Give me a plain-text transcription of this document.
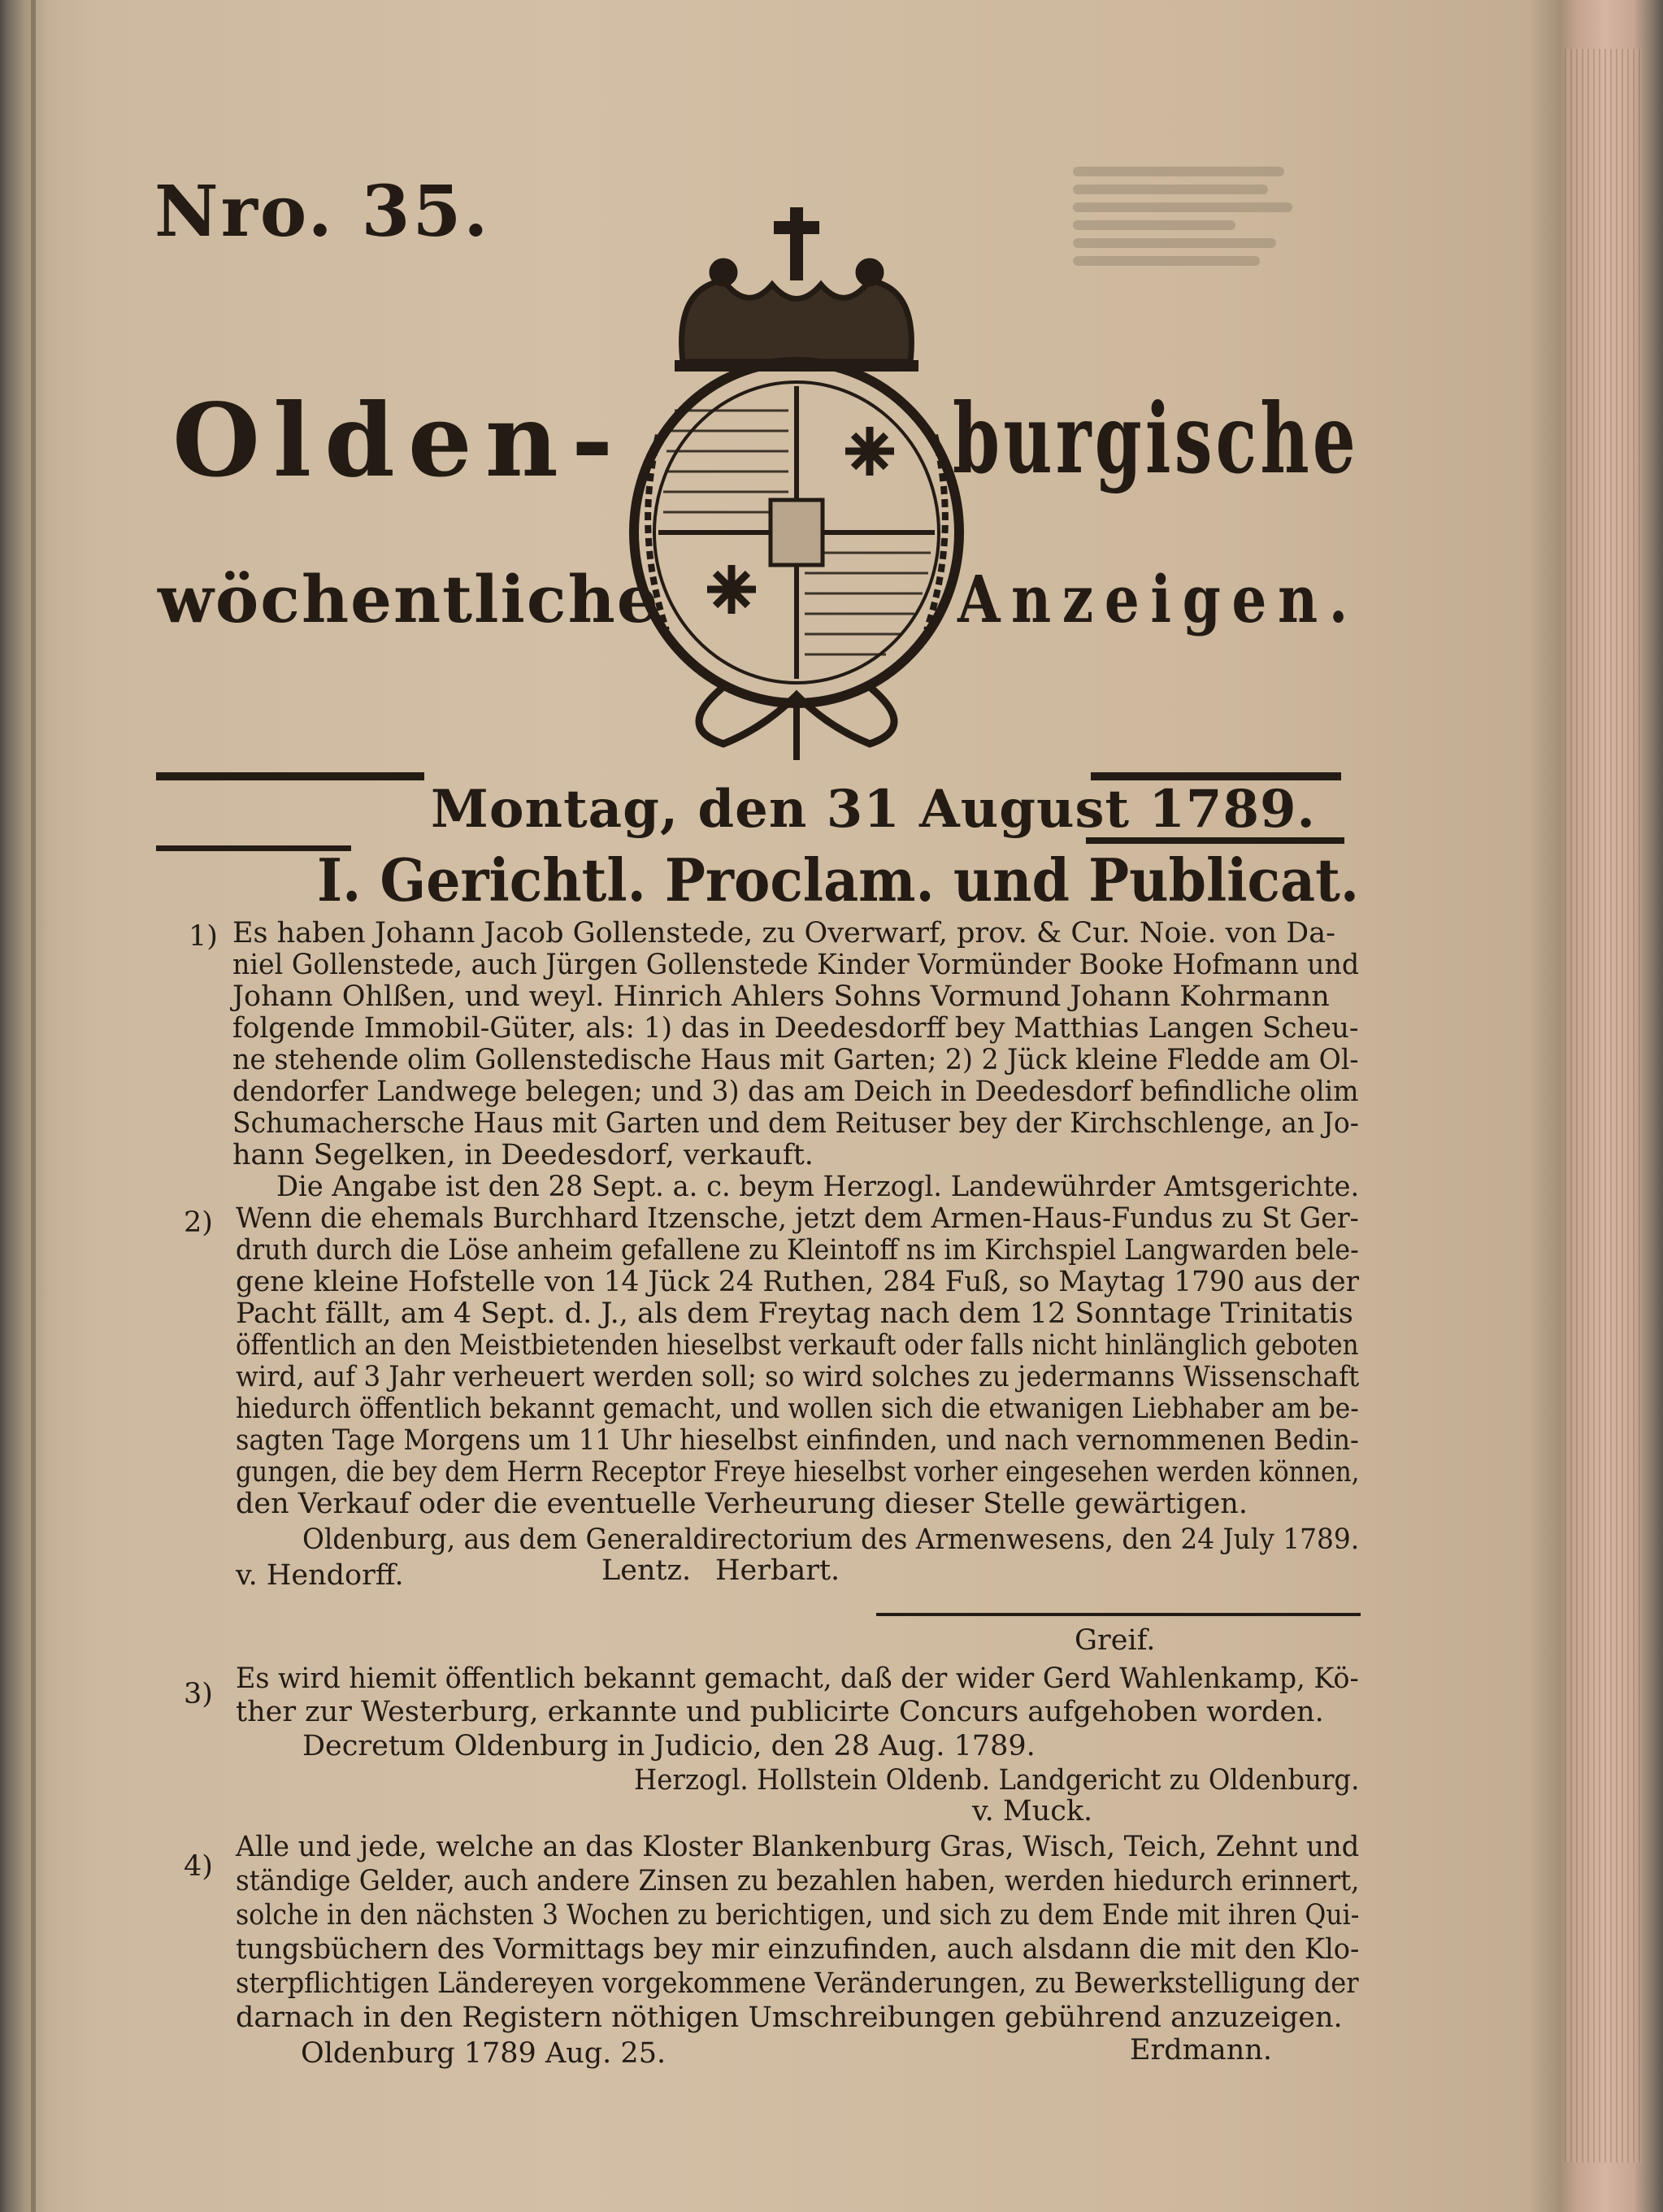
Nro. 35.
Olden-	burgische
wöchentliche	Anzeigen.
Montag, den 31 August 1789.
I. Gerichtl. Proclam. und Publicat.
1) Es haben Johann Jacob Gollenstede, zu Overwarf, prov. & Cur. Noie. von Da-
niel Gollenstede, auch Jürgen Gollenstede Kinder Vormünder Booke Hofmann und
Johann Ohlßen, und weyl. Hinrich Ahlers Sohns Vormund Johann Kohrmann
folgende Immobil-Güter, als: 1) das in Deedesdorff bey Matthias Langen Scheu-
ne stehende olim Gollenstedische Haus mit Garten; 2) 2 Jück kleine Fledde am Ol-
dendorfer Landwege belegen; und 3) das am Deich in Deedesdorf befindliche olim
Schumachersche Haus mit Garten und dem Reituser bey der Kirchschlenge, an Jo-
hann Segelken, in Deedesdorf, verkauft.
Die Angabe ist den 28 Sept. a. c. beym Herzogl. Landewührder Amtsgerichte.
2) Wenn die ehemals Burchhard Itzensche, jetzt dem Armen-Haus-Fundus zu St Ger-
druth durch die Löse anheim gefallene zu Kleintoff ns im Kirchspiel Langwarden bele-
gene kleine Hofstelle von 14 Jück 24 Ruthen, 284 Fuß, so Maytag 1790 aus der
Pacht fällt, am 4 Sept. d. J., als dem Freytag nach dem 12 Sonntage Trinitatis
öffentlich an den Meistbietenden hieselbst verkauft oder falls nicht hinlänglich geboten
wird, auf 3 Jahr verheuert werden soll; so wird solches zu jedermanns Wissenschaft
hiedurch öffentlich bekannt gemacht, und wollen sich die etwanigen Liebhaber am be-
sagten Tage Morgens um 11 Uhr hieselbst einfinden, und nach vernommenen Bedin-
gungen, die bey dem Herrn Receptor Freye hieselbst vorher eingesehen werden können,
den Verkauf oder die eventuelle Verheurung dieser Stelle gewärtigen.
Oldenburg, aus dem Generaldirectorium des Armenwesens, den 24 July 1789.
v. Hendorff.	Lentz. Herbart.
Greif.
3) Es wird hiemit öffentlich bekannt gemacht, daß der wider Gerd Wahlenkamp, Kö-
ther zur Westerburg, erkannte und publicirte Concurs aufgehoben worden.
Decretum Oldenburg in Judicio, den 28 Aug. 1789.
Herzogl. Hollstein Oldenb. Landgericht zu Oldenburg.
v. Muck.
4)
Alle und jede, welche an das Kloster Blankenburg Gras, Wisch, Teich, Zehnt und
ständige Gelder, auch andere Zinsen zu bezahlen haben, werden hiedurch erinnert,
solche in den nächsten 3 Wochen zu berichtigen, und sich zu dem Ende mit ihren Qui-
tungsbüchern des Vormittags bey mir einzufinden, auch alsdann die mit den Klo-
sterpflichtigen Ländereyen vorgekommene Veränderungen, zu Bewerkstelligung der
darnach in den Registern nöthigen Umschreibungen gebührend anzuzeigen.
Oldenburg 1789 Aug. 25.	Erdmann.
